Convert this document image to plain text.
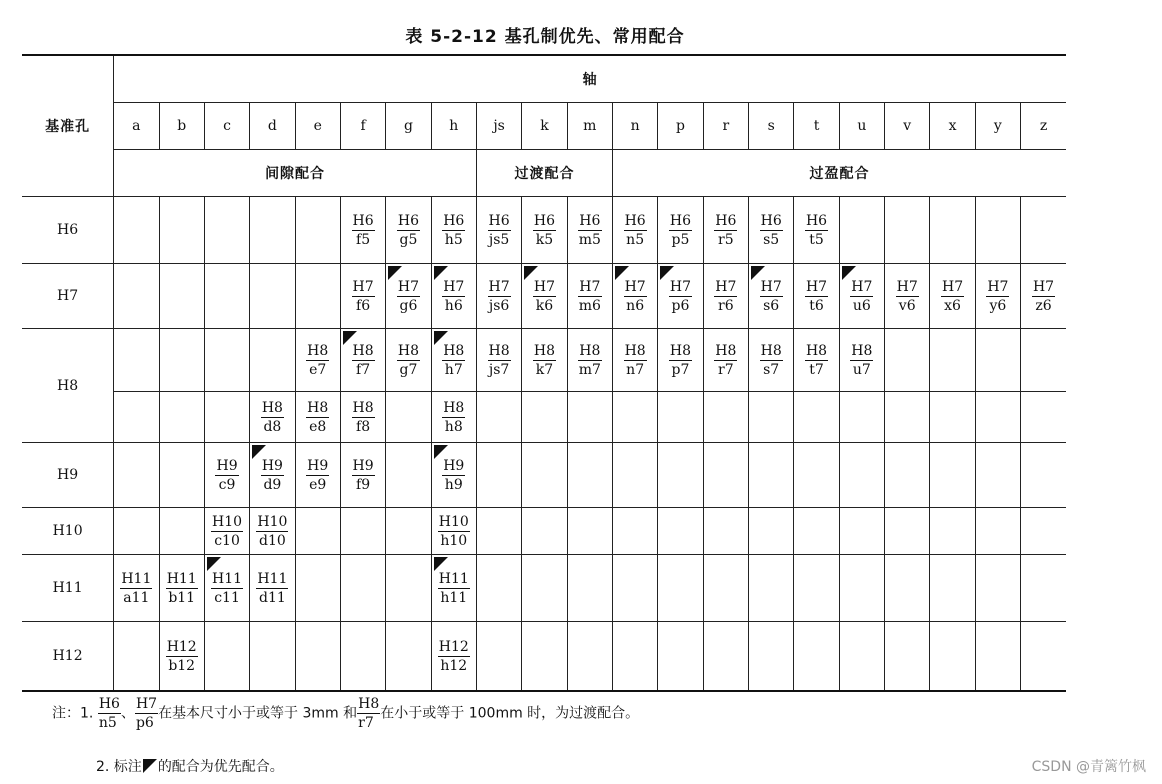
表 5-2-12 基孔制优先、常用配合
基准孔	轴																				
	a	b	c	d	e	f	g	h	js	k	m	n	p	r	s	t	u	v	x	y	z
	间隙配合								过渡配合			过盈配合									
H6						$\frac{H6}{f5}$	$\frac{H6}{g5}$	$\frac{H6}{h5}$	$\frac{H6}{js5}$	$\frac{H6}{k5}$	$\frac{H6}{m5}$	$\frac{H6}{n5}$	$\frac{H6}{p5}$	$\frac{H6}{r5}$	$\frac{H6}{s5}$	$\frac{H6}{t5}$

H7						$\frac{H7}{f6}$	$\frac{H7}{g6}$	$\frac{H7}{h6}$	$\frac{H7}{js6}$	$\frac{H7}{k6}$	$\frac{H7}{m6}$	$\frac{H7}{n6}$	$\frac{H7}{p6}$	$\frac{H7}{r6}$	$\frac{H7}{s6}$	$\frac{H7}{t6}$	$\frac{H7}{u6}$	$\frac{H7}{v6}$	$\frac{H7}{x6}$	$\frac{H7}{y6}$	$\frac{H7}{z6}$

H8					$\frac{H8}{e7}$	$\frac{H8}{f7}$	$\frac{H8}{g7}$	$\frac{H8}{h7}$	$\frac{H8}{js7}$	$\frac{H8}{k7}$	$\frac{H8}{m7}$	$\frac{H8}{n7}$	$\frac{H8}{p7}$	$\frac{H8}{r7}$	$\frac{H8}{s7}$	$\frac{H8}{t7}$	$\frac{H8}{u7}$

				$\frac{H8}{d8}$	$\frac{H8}{e8}$	$\frac{H8}{f8}$		$\frac{H8}{h8}$

H9			$\frac{H9}{c9}$	$\frac{H9}{d9}$	$\frac{H9}{e9}$	$\frac{H9}{f9}$		$\frac{H9}{h9}$

H10			$\frac{H10}{c10}$	$\frac{H10}{d10}$				$\frac{H10}{h10}$

H11	$\frac{H11}{a11}$	$\frac{H11}{b11}$	$\frac{H11}{c11}$	$\frac{H11}{d11}$				$\frac{H11}{h11}$

H12		$\frac{H12}{b12}$						$\frac{H12}{h12}$

注：1. $\frac{H6}{n5}$ 、 $\frac{H7}{p6}$ 在基本尺寸小于或等于 3mm 和 $\frac{H8}{r7}$ 在小于或等于 100mm 时，为过渡配合。
2. 标注 的配合为优先配合。	CSDN @青篱竹枫
